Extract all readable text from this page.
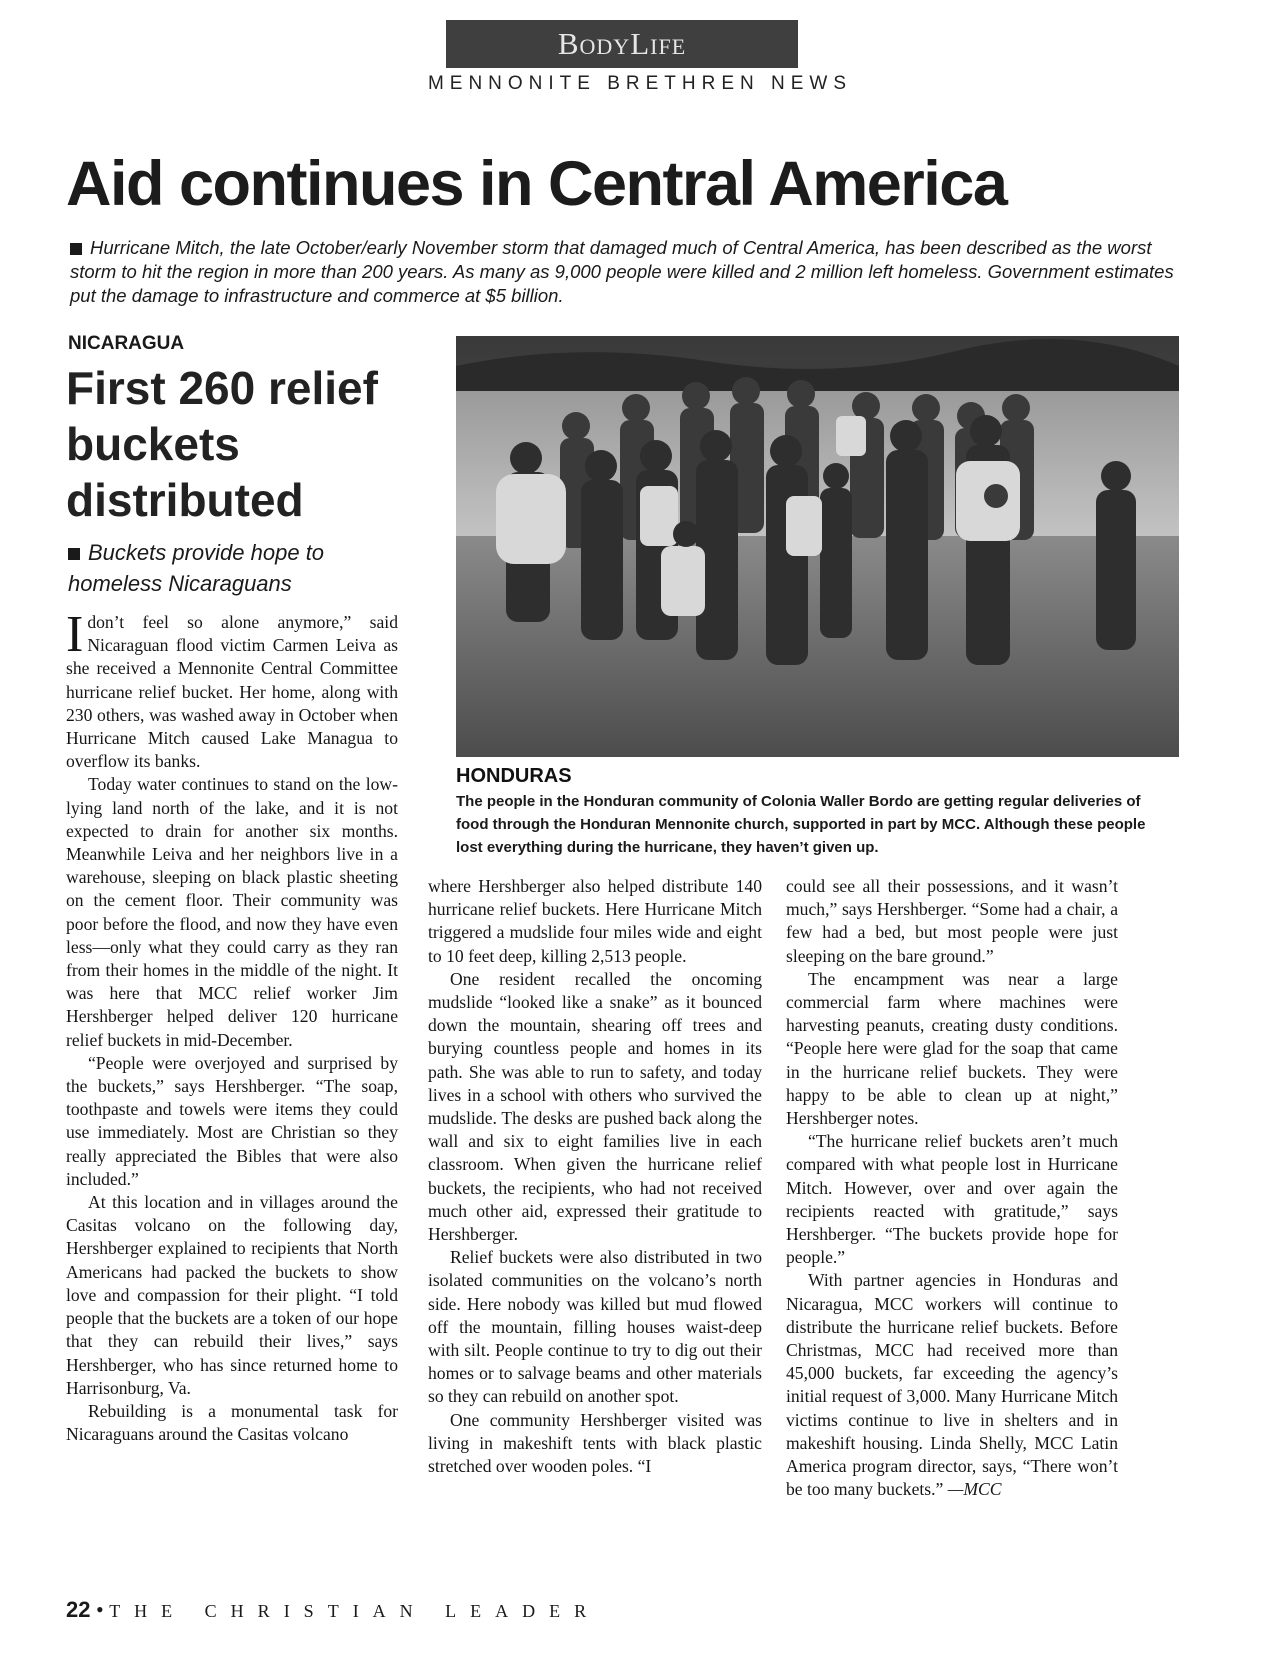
BodyLife
MENNONITE BRETHREN NEWS
Aid continues in Central America
Hurricane Mitch, the late October/early November storm that damaged much of Central America, has been described as the worst storm to hit the region in more than 200 years. As many as 9,000 people were killed and 2 million left homeless. Government estimates put the damage to infrastructure and commerce at $5 billion.
NICARAGUA
First 260 relief buckets distributed
Buckets provide hope to homeless Nicaraguans

Idon’t feel so alone anymore,” said Nicaraguan flood victim Carmen Leiva as she received a Mennonite Central Committee hurricane relief bucket. Her home, along with 230 others, was washed away in October when Hurricane Mitch caused Lake Managua to overflow its banks.

Today water continues to stand on the low-lying land north of the lake, and it is not expected to drain for another six months. Meanwhile Leiva and her neighbors live in a warehouse, sleeping on black plastic sheeting on the cement floor. Their community was poor before the flood, and now they have even less—only what they could carry as they ran from their homes in the middle of the night. It was here that MCC relief worker Jim Hershberger helped deliver 120 hurricane relief buckets in mid-December.

“People were overjoyed and surprised by the buckets,” says Hershberger. “The soap, toothpaste and towels were items they could use immediately. Most are Christian so they really appreciated the Bibles that were also included.”

At this location and in villages around the Casitas volcano on the following day, Hershberger explained to recipients that North Americans had packed the buckets to show love and compassion for their plight. “I told people that the buckets are a token of our hope that they can rebuild their lives,” says Hershberger, who has since returned home to Harrisonburg, Va.

Rebuilding is a monumental task for Nicaraguans around the Casitas volcano

HONDURAS
The people in the Honduran community of Colonia Waller Bordo are getting regular deliveries of food through the Honduran Mennonite church, supported in part by MCC. Although these people lost everything during the hurricane, they haven’t given up.

where Hershberger also helped distribute 140 hurricane relief buckets. Here Hurricane Mitch triggered a mudslide four miles wide and eight to 10 feet deep, killing 2,513 people.

One resident recalled the oncoming mudslide “looked like a snake” as it bounced down the mountain, shearing off trees and burying countless people and homes in its path. She was able to run to safety, and today lives in a school with others who survived the mudslide. The desks are pushed back along the wall and six to eight families live in each classroom. When given the hurricane relief buckets, the recipients, who had not received much other aid, expressed their gratitude to Hershberger.

Relief buckets were also distributed in two isolated communities on the volcano’s north side. Here nobody was killed but mud flowed off the mountain, filling houses waist-deep with silt. People continue to try to dig out their homes or to salvage beams and other materials so they can rebuild on another spot.

One community Hershberger visited was living in makeshift tents with black plastic stretched over wooden poles. “I

could see all their possessions, and it wasn’t much,” says Hershberger. “Some had a chair, a few had a bed, but most people were just sleeping on the bare ground.”

The encampment was near a large commercial farm where machines were harvesting peanuts, creating dusty conditions. “People here were glad for the soap that came in the hurricane relief buckets. They were happy to be able to clean up at night,” Hershberger notes.

“The hurricane relief buckets aren’t much compared with what people lost in Hurricane Mitch. However, over and over again the recipients reacted with gratitude,” says Hershberger. “The buckets provide hope for people.”

With partner agencies in Honduras and Nicaragua, MCC workers will continue to distribute the hurricane relief buckets. Before Christmas, MCC had received more than 45,000 buckets, far exceeding the agency’s initial request of 3,000. Many Hurricane Mitch victims continue to live in shelters and in makeshift housing. Linda Shelly, MCC Latin America program director, says, “There won’t be too many buckets.” —MCC

22 • THE CHRISTIAN LEADER
